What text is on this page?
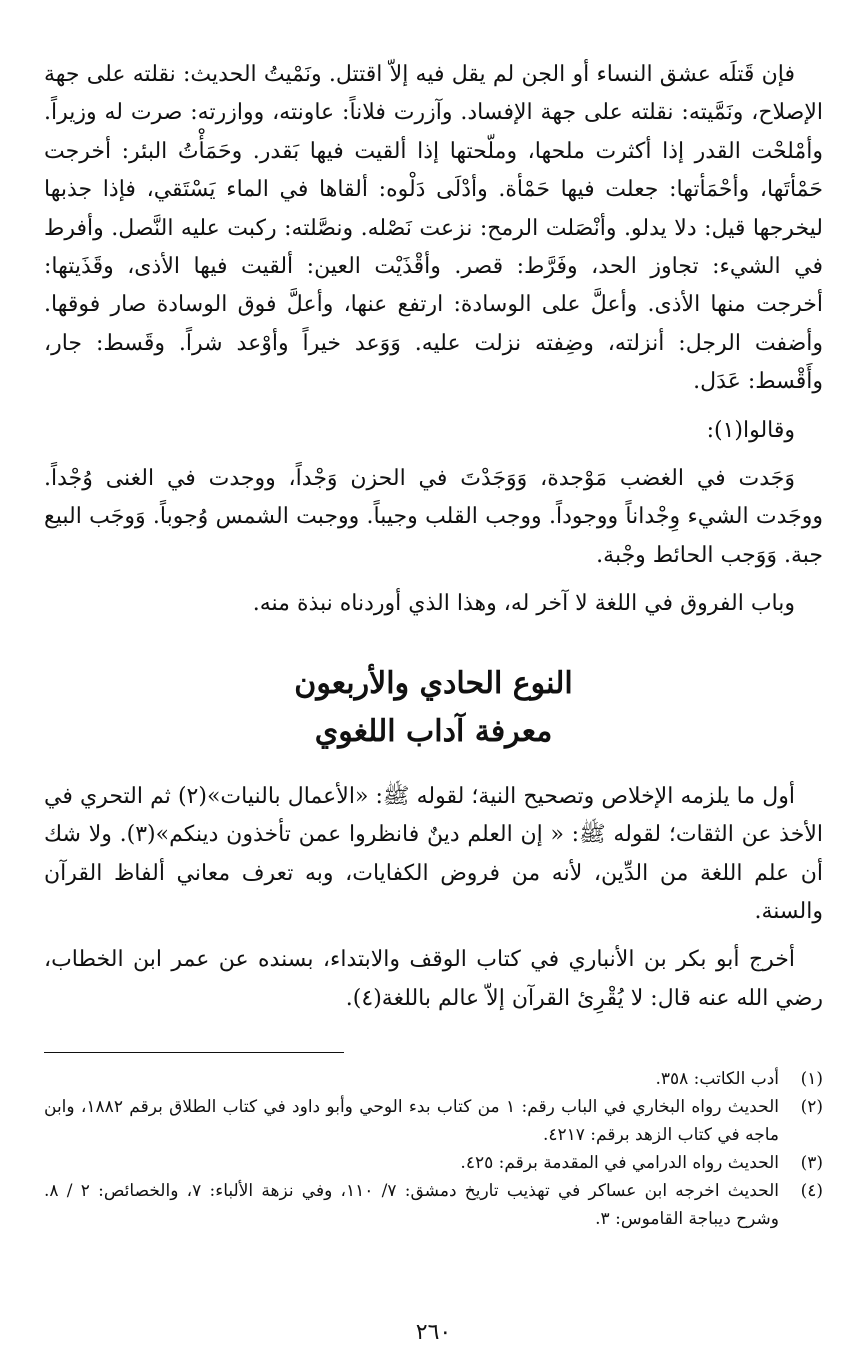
فإن قَتلَه عشق النساء أو الجن لم يقل فيه إلاّ اقتتل. ونَمْيتُ الحديث: نقلته على جهة الإصلاح، ونَمَّيته: نقلته على جهة الإفساد. وآزرت فلاناً: عاونته، ووازرته: صرت له وزيراً. وأمْلحْت القدر إذا أكثرت ملحها، وملّحتها إذا ألقيت فيها بَقدر. وحَمَأْتُ البئر: أخرجت حَمْأتَها، وأحْمَأتها: جعلت فيها حَمْأة. وأدْلَى دَلْوه: ألقاها في الماء يَسْتَقي، فإذا جذبها ليخرجها قيل: دلا يدلو. وأنْصَلت الرمح: نزعت نَصْله. ونصَّلته: ركبت عليه النَّصل. وأفرط في الشيء: تجاوز الحد، وفَرَّط: قصر. وأقْذَيْت العين: ألقيت فيها الأذى، وقَذَيتها: أخرجت منها الأذى. وأعلَّ على الوسادة: ارتفع عنها، وأعلَّ فوق الوسادة صار فوقها. وأضفت الرجل: أنزلته، وضِفته نزلت عليه. وَوَعد خيراً وأوْعد شراً. وقَسط: جار، وأَقْسط: عَدَل.

وقالوا(١):

وَجَدت في الغضب مَوْجدة، وَوَجَدْتَ في الحزن وَجْداً، ووجدت في الغنى وُجْداً. ووجَدت الشيء وِجْداناً ووجوداً. ووجب القلب وجيباً. ووجبت الشمس وُجوباً. وَوجَب البيع جبة. وَوَجب الحائط وجْبة.

وباب الفروق في اللغة لا آخر له، وهذا الذي أوردناه نبذة منه.

النوع الحادي والأربعون

معرفة آداب اللغوي

أول ما يلزمه الإخلاص وتصحيح النية؛ لقوله ﷺ: «الأعمال بالنيات»(٢) ثم التحري في الأخذ عن الثقات؛ لقوله ﷺ: « إن العلم دينٌ فانظروا عمن تأخذون دينكم»(٣). ولا شك أن علم اللغة من الدِّين، لأنه من فروض الكفايات، وبه تعرف معاني ألفاظ القرآن والسنة.

أخرج أبو بكر بن الأنباري في كتاب الوقف والابتداء، بسنده عن عمر ابن الخطاب، رضي الله عنه قال: لا يُقْرِئ القرآن إلاّ عالم باللغة(٤).

(١)
أدب الكاتب: ٣٥٨.
(٢)
الحديث رواه البخاري في الباب رقم: ١ من كتاب بدء الوحي وأبو داود في كتاب الطلاق برقم ١٨٨٢، وابن ماجه في كتاب الزهد برقم: ٤٢١٧.
(٣)
الحديث رواه الدرامي في المقدمة برقم: ٤٢٥.
(٤)
الحديث اخرجه ابن عساكر في تهذيب تاريخ دمشق: ٧/ ١١٠، وفي نزهة الألباء: ٧، والخصائص: ٢ / ٨. وشرح ديباجة القاموس: ٣.
٢٦٠
